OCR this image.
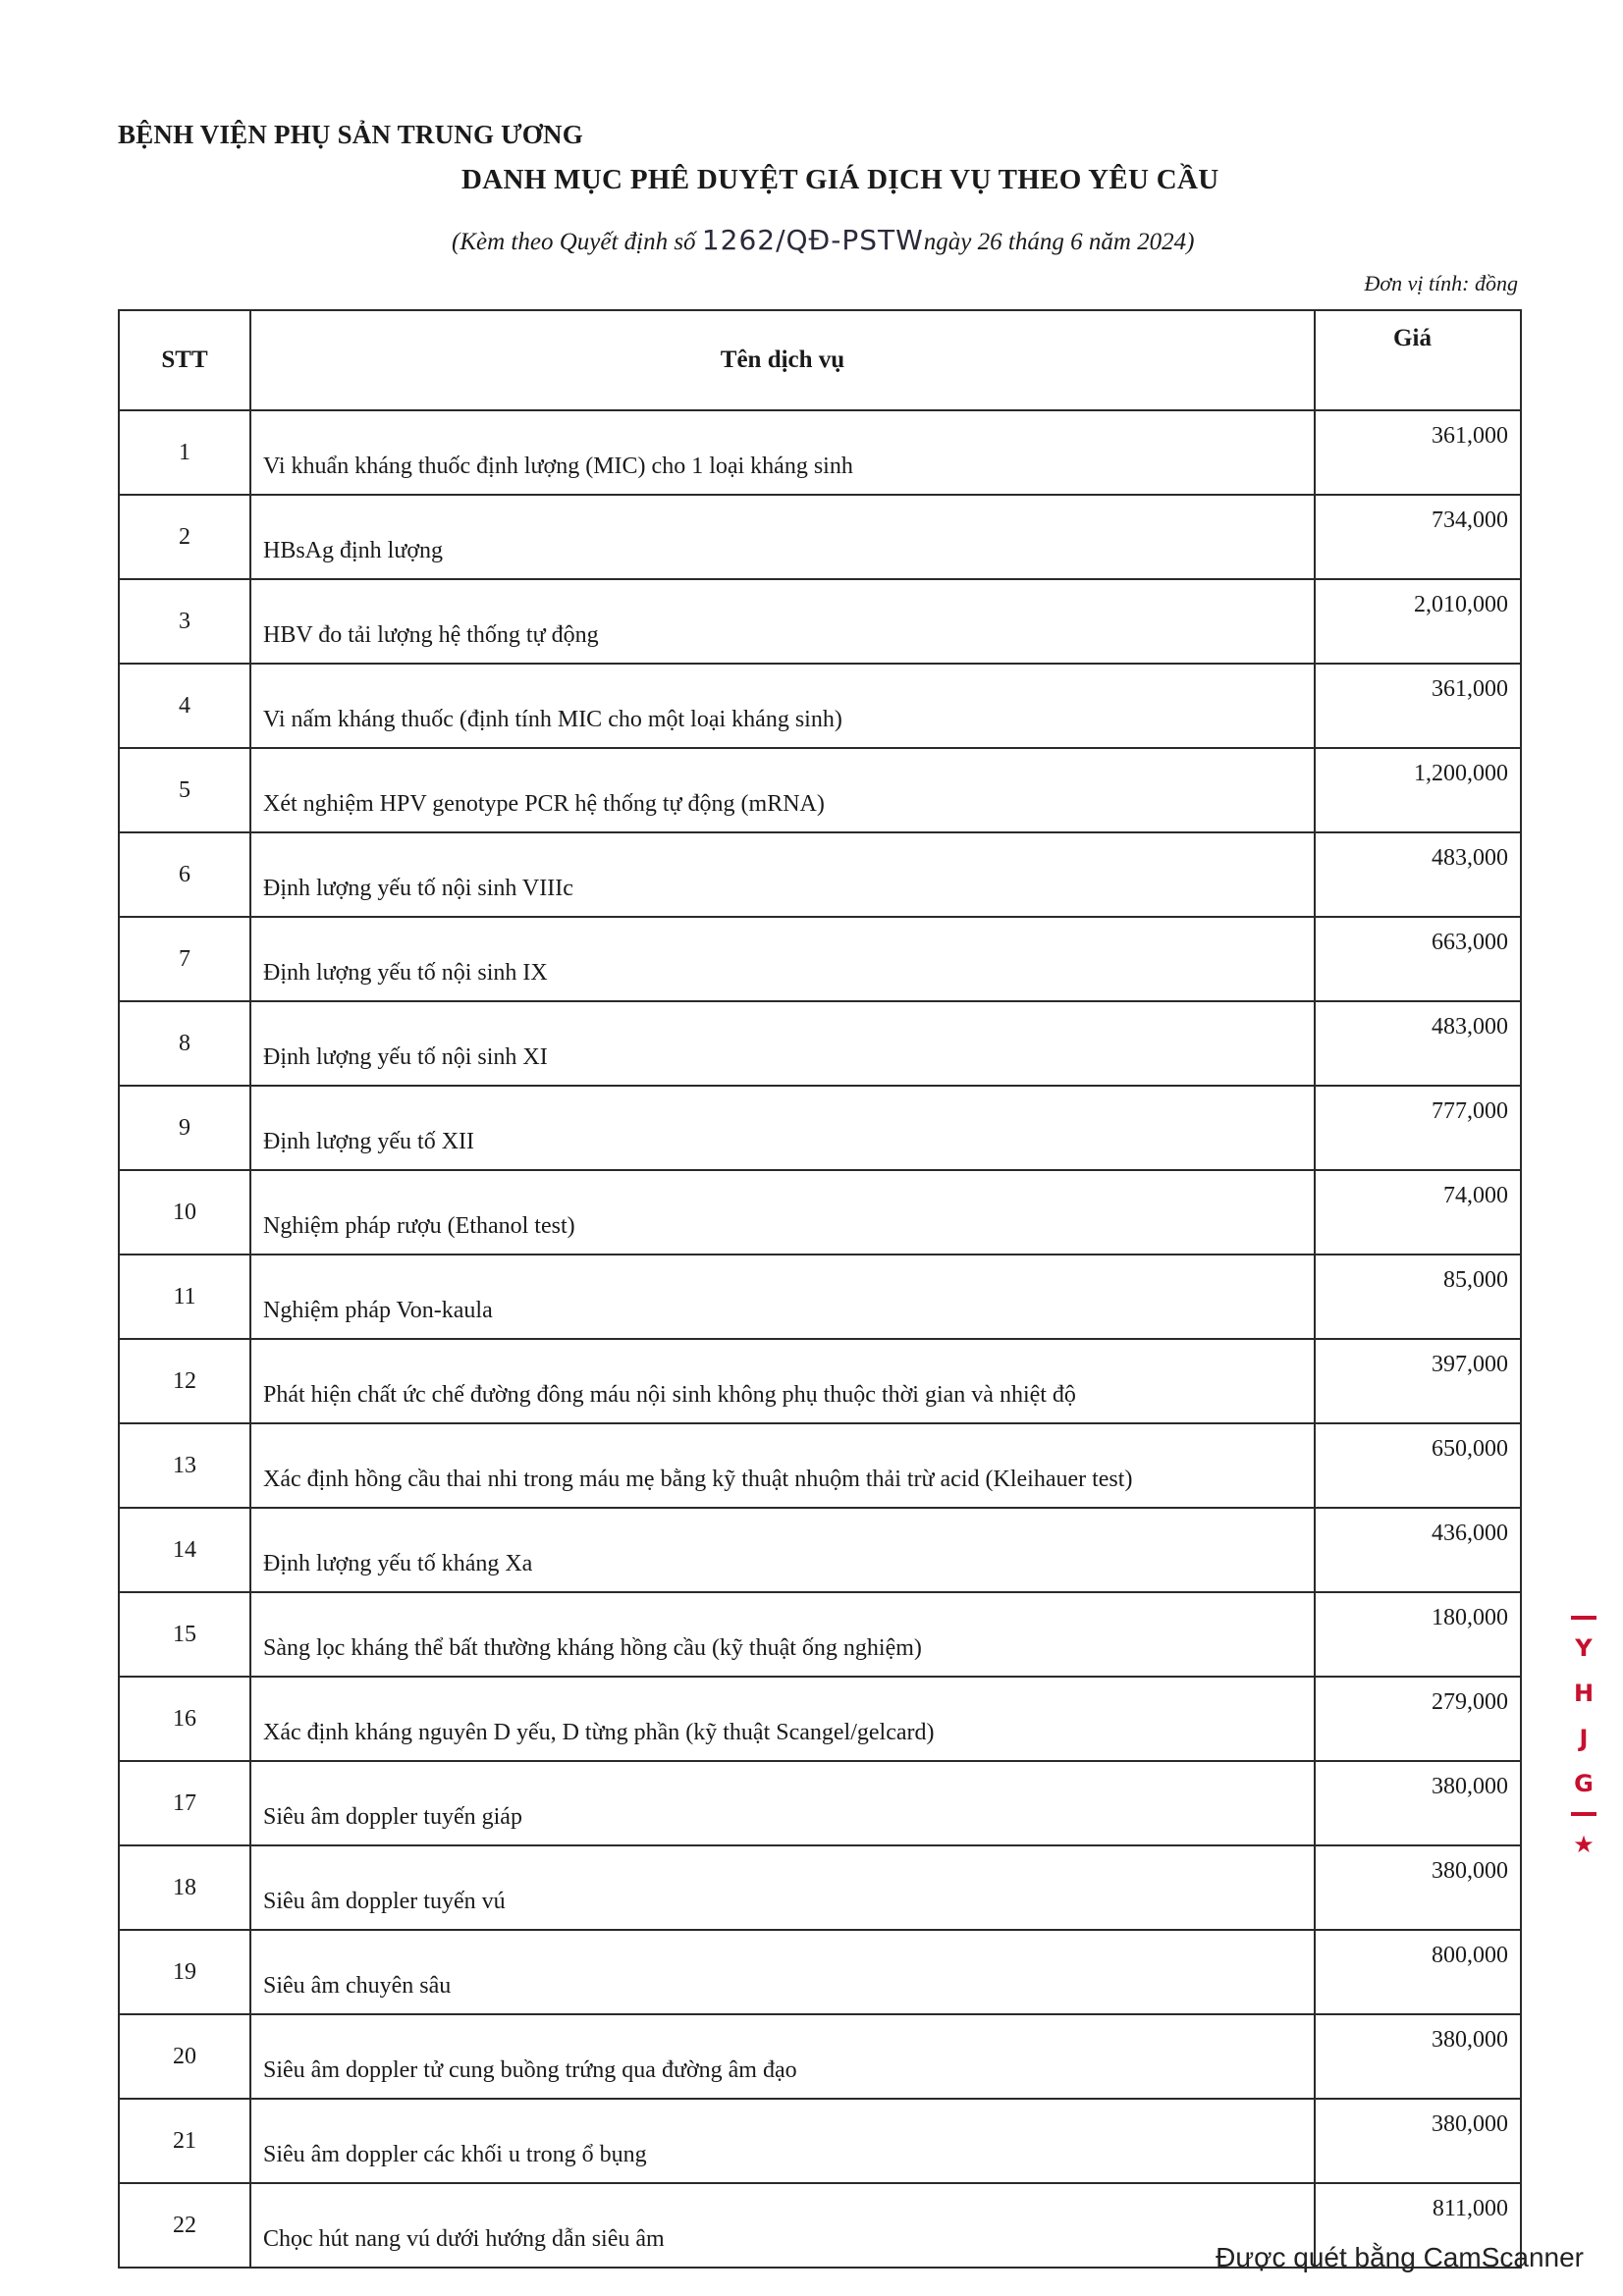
BỆNH VIỆN PHỤ SẢN TRUNG ƯƠNG
DANH MỤC PHÊ DUYỆT GIÁ DỊCH VỤ THEO YÊU CẦU
(Kèm theo Quyết định số 1262/QĐ-PSTWngày 26 tháng 6 năm 2024)
Đơn vị tính: đồng
STT	Tên dịch vụ	Giá
1	Vi khuẩn kháng thuốc định lượng (MIC) cho 1 loại kháng sinh	361,000
2	HBsAg định lượng	734,000
3	HBV đo tải lượng hệ thống tự động	2,010,000
4	Vi nấm kháng thuốc (định tính MIC cho một loại kháng sinh)	361,000
5	Xét nghiệm HPV genotype PCR hệ thống tự động (mRNA)	1,200,000
6	Định lượng yếu tố nội sinh VIIIc	483,000
7	Định lượng yếu tố nội sinh IX	663,000
8	Định lượng yếu tố nội sinh XI	483,000
9	Định lượng yếu tố XII	777,000
10	Nghiệm pháp rượu (Ethanol test)	74,000
11	Nghiệm pháp Von-kaula	85,000
12	Phát hiện chất ức chế đường đông máu nội sinh không phụ thuộc thời gian và nhiệt độ	397,000
13	Xác định hồng cầu thai nhi trong máu mẹ bằng kỹ thuật nhuộm thải trừ acid (Kleihauer test)	650,000
14	Định lượng yếu tố kháng Xa	436,000
15	Sàng lọc kháng thể bất thường kháng hồng cầu (kỹ thuật ống nghiệm)	180,000
16	Xác định kháng nguyên D yếu, D từng phần (kỹ thuật Scangel/gelcard)	279,000
17	Siêu âm doppler tuyến giáp	380,000
18	Siêu âm doppler tuyến vú	380,000
19	Siêu âm chuyên sâu	800,000
20	Siêu âm doppler tử cung buồng trứng qua đường âm đạo	380,000
21	Siêu âm doppler các khối u trong ổ bụng	380,000
22	Chọc hút nang vú dưới hướng dẫn siêu âm	811,000
Y
H
J
G
★
Được quét bằng CamScanner
